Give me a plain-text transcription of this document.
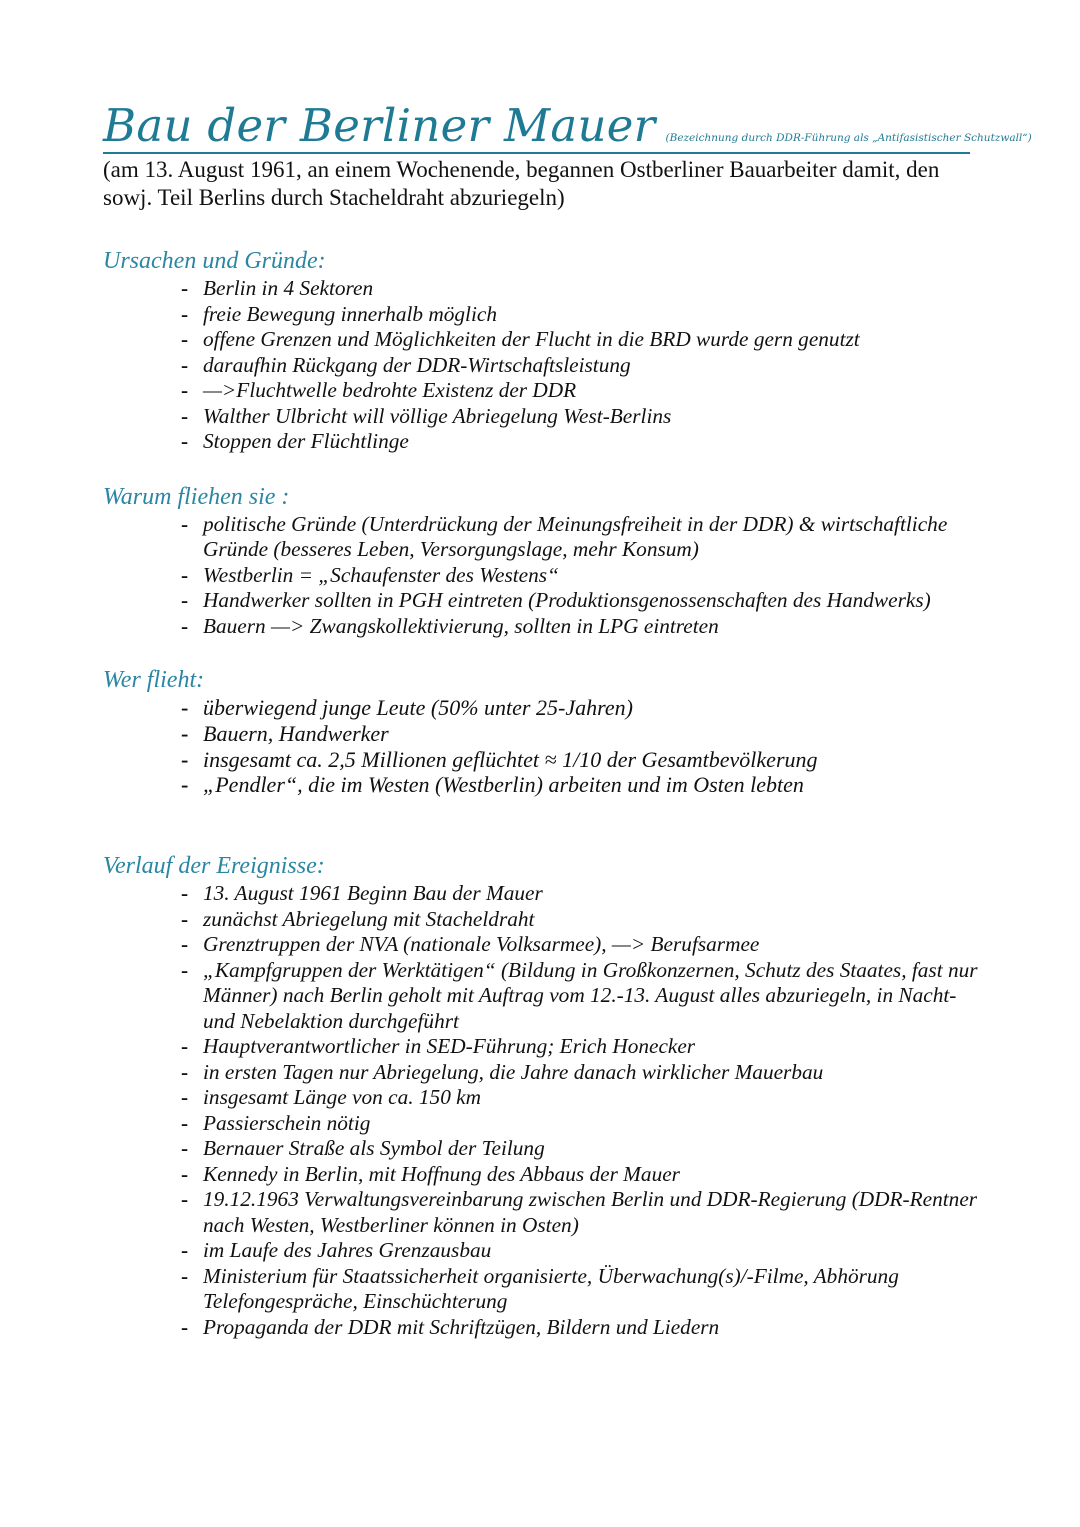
Bau der Berliner Mauer (Bezeichnung durch DDR-Führung als „Antifasistischer Schutzwall“)
(am 13. August 1961, an einem Wochenende, begannen Ostberliner Bauarbeiter damit, den sowj. Teil Berlins durch Stacheldraht abzuriegeln)
Ursachen und Gründe:
- Berlin in 4 Sektoren
- freie Bewegung innerhalb möglich
- offene Grenzen und Möglichkeiten der Flucht in die BRD wurde gern genutzt
- daraufhin Rückgang der DDR-Wirtschaftsleistung
- —>Fluchtwelle bedrohte Existenz der DDR
- Walther Ulbricht will völlige Abriegelung West-Berlins
- Stoppen der Flüchtlinge
Warum fliehen sie :
- politische Gründe (Unterdrückung der Meinungsfreiheit in der DDR) & wirtschaftliche Gründe (besseres Leben, Versorgungslage, mehr Konsum)
- Westberlin = „Schaufenster des Westens“
- Handwerker sollten in PGH eintreten (Produktionsgenossenschaften des Handwerks)
- Bauern —> Zwangskollektivierung, sollten in LPG eintreten
Wer flieht:
- überwiegend junge Leute (50% unter 25-Jahren)
- Bauern, Handwerker
- insgesamt ca. 2,5 Millionen geflüchtet ≈ 1/10 der Gesamtbevölkerung
- „Pendler“, die im Westen (Westberlin) arbeiten und im Osten lebten
Verlauf der Ereignisse:
- 13. August 1961 Beginn Bau der Mauer
- zunächst Abriegelung mit Stacheldraht
- Grenztruppen der NVA (nationale Volksarmee), —> Berufsarmee
- „Kampfgruppen der Werktätigen“ (Bildung in Großkonzernen, Schutz des Staates, fast nur Männer) nach Berlin geholt mit Auftrag vom 12.-13. August alles abzuriegeln, in Nacht- und Nebelaktion durchgeführt
- Hauptverantwortlicher in SED-Führung; Erich Honecker
- in ersten Tagen nur Abriegelung, die Jahre danach wirklicher Mauerbau
- insgesamt Länge von ca. 150 km
- Passierschein nötig
- Bernauer Straße als Symbol der Teilung
- Kennedy in Berlin, mit Hoffnung des Abbaus der Mauer
- 19.12.1963 Verwaltungsvereinbarung zwischen Berlin und DDR-Regierung (DDR-Rentner nach Westen, Westberliner können in Osten)
- im Laufe des Jahres Grenzausbau
- Ministerium für Staatssicherheit organisierte, Überwachung(s)/-Filme, Abhörung Telefongespräche, Einschüchterung
- Propaganda der DDR mit Schriftzügen, Bildern und Liedern
